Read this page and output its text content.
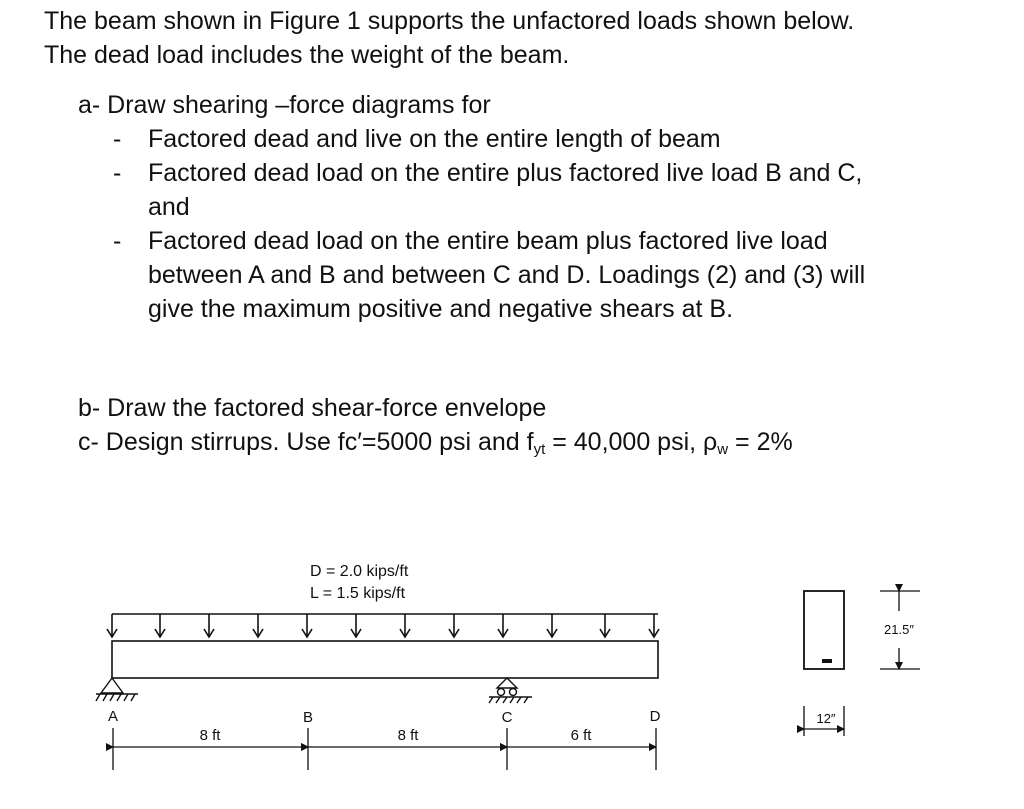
The beam shown in Figure 1 supports the unfactored loads shown below.
The dead load includes the weight of the beam.
a- Draw shearing –force diagrams for
- Factored dead and live on the entire length of beam
- Factored dead load on the entire plus factored live load B and C,
and
- Factored dead load on the entire beam plus factored live load
between A and B and between C and D. Loadings (2) and (3) will
give the maximum positive and negative shears at B.
b- Draw the factored shear-force envelope
c- Design stirrups. Use fc′=5000 psi and $f_{yt} = 40,000$ psi, $\rho_w = 2\%$
D = 2.0 kips/ft
L = 1.5 kips/ft
A	B	C	D
8 ft	8 ft	6 ft
21.5″
12″
